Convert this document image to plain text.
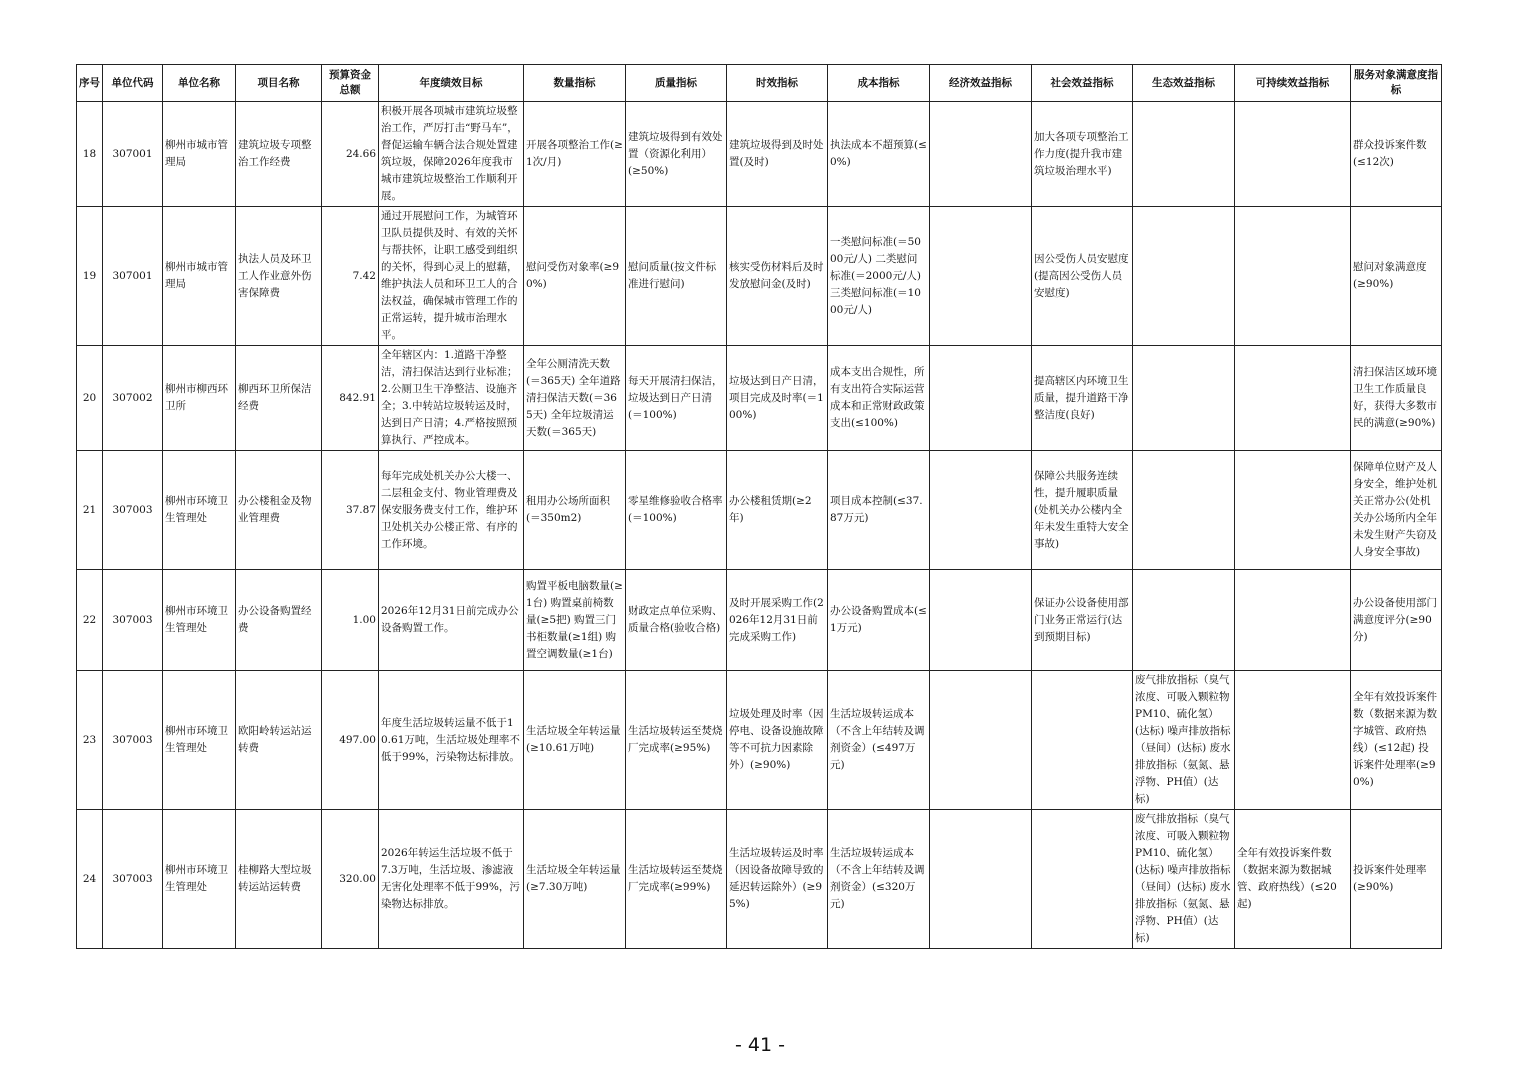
序号	单位代码	单位名称	项目名称	预算资金总额	年度绩效目标	数量指标	质量指标	时效指标	成本指标	经济效益指标	社会效益指标	生态效益指标	可持续效益指标	服务对象满意度指标
18	307001	柳州市城市管理局	建筑垃圾专项整治工作经费	24.66	积极开展各项城市建筑垃圾整治工作，严厉打击“野马车”，督促运输车辆合法合规处置建筑垃圾，保障2026年度我市城市建筑垃圾整治工作顺利开展。	开展各项整治工作(≥1次/月)	建筑垃圾得到有效处置（资源化利用）(≥50%)	建筑垃圾得到及时处置(及时)	执法成本不超预算(≤0%)		加大各项专项整治工作力度(提升我市建筑垃圾治理水平)			群众投诉案件数(≤12次)
19	307001	柳州市城市管理局	执法人员及环卫工人作业意外伤害保障费	7.42	通过开展慰问工作，为城管环卫队员提供及时、有效的关怀与帮扶怀，让职工感受到组织的关怀，得到心灵上的慰藉，维护执法人员和环卫工人的合法权益，确保城市管理工作的正常运转，提升城市治理水平。	慰问受伤对象率(≥90%)	慰问质量(按文件标准进行慰问)	核实受伤材料后及时发放慰问金(及时)	一类慰问标准(＝5000元/人) 二类慰问标准(＝2000元/人) 三类慰问标准(＝1000元/人)		因公受伤人员安慰度(提高因公受伤人员安慰度)			慰问对象满意度(≥90%)
20	307002	柳州市柳西环卫所	柳西环卫所保洁经费	842.91	全年辖区内：1.道路干净整洁，清扫保洁达到行业标准；2.公厕卫生干净整洁、设施齐全；3.中转站垃圾转运及时，达到日产日清；4.严格按照预算执行、严控成本。	全年公厕清洗天数(＝365天) 全年道路清扫保洁天数(＝365天) 全年垃圾清运天数(＝365天)	每天开展清扫保洁，垃圾达到日产日清(＝100%)	垃圾达到日产日清，项目完成及时率(＝100%)	成本支出合规性，所有支出符合实际运营成本和正常财政政策支出(≤100%)		提高辖区内环境卫生质量，提升道路干净整洁度(良好)			清扫保洁区域环境卫生工作质量良好，获得大多数市民的满意(≥90%)
21	307003	柳州市环境卫生管理处	办公楼租金及物业管理费	37.87	每年完成处机关办公大楼一、二层租金支付、物业管理费及保安服务费支付工作，维护环卫处机关办公楼正常、有序的工作环境。	租用办公场所面积(＝350m2)	零星维修验收合格率(＝100%)	办公楼租赁期(≥2年)	项目成本控制(≤37.87万元)		保障公共服务连续性，提升履职质量(处机关办公楼内全年未发生重特大安全事故)			保障单位财产及人身安全，维护处机关正常办公(处机关办公场所内全年未发生财产失窃及人身安全事故)
22	307003	柳州市环境卫生管理处	办公设备购置经费	1.00	2026年12月31日前完成办公设备购置工作。	购置平板电脑数量(≥1台) 购置桌前椅数量(≥5把) 购置三门书柜数量(≥1组) 购置空调数量(≥1台)	财政定点单位采购、质量合格(验收合格)	及时开展采购工作(2026年12月31日前完成采购工作)	办公设备购置成本(≤1万元)		保证办公设备使用部门业务正常运行(达到预期目标)			办公设备使用部门满意度评分(≥90分)
23	307003	柳州市环境卫生管理处	欧阳岭转运站运转费	497.00	年度生活垃圾转运量不低于10.61万吨，生活垃圾处理率不低于99%，污染物达标排放。	生活垃圾全年转运量(≥10.61万吨)	生活垃圾转运至焚烧厂完成率(≥95%)	垃圾处理及时率（因停电、设备设施故障等不可抗力因素除外）(≥90%)	生活垃圾转运成本（不含上年结转及调剂资金）(≤497万元)			废气排放指标（臭气浓度、可吸入颗粒物PM10、硫化氢）(达标) 噪声排放指标（昼间）(达标) 废水排放指标（氨氮、悬浮物、PH值）(达标)		全年有效投诉案件数（数据来源为数字城管、政府热线）(≤12起) 投诉案件处理率(≥90%)
24	307003	柳州市环境卫生管理处	桂柳路大型垃圾转运站运转费	320.00	2026年转运生活垃圾不低于7.3万吨，生活垃圾、渗滤液无害化处理率不低于99%，污染物达标排放。	生活垃圾全年转运量(≥7.30万吨)	生活垃圾转运至焚烧厂完成率(≥99%)	生活垃圾转运及时率（因设备故障导致的延迟转运除外）(≥95%)	生活垃圾转运成本（不含上年结转及调剂资金）(≤320万元)			废气排放指标（臭气浓度、可吸入颗粒物PM10、硫化氢）(达标) 噪声排放指标（昼间）(达标) 废水排放指标（氨氮、悬浮物、PH值）(达标)	全年有效投诉案件数（数据来源为数据城管、政府热线）(≤20起)	投诉案件处理率(≥90%)
- 41 -
